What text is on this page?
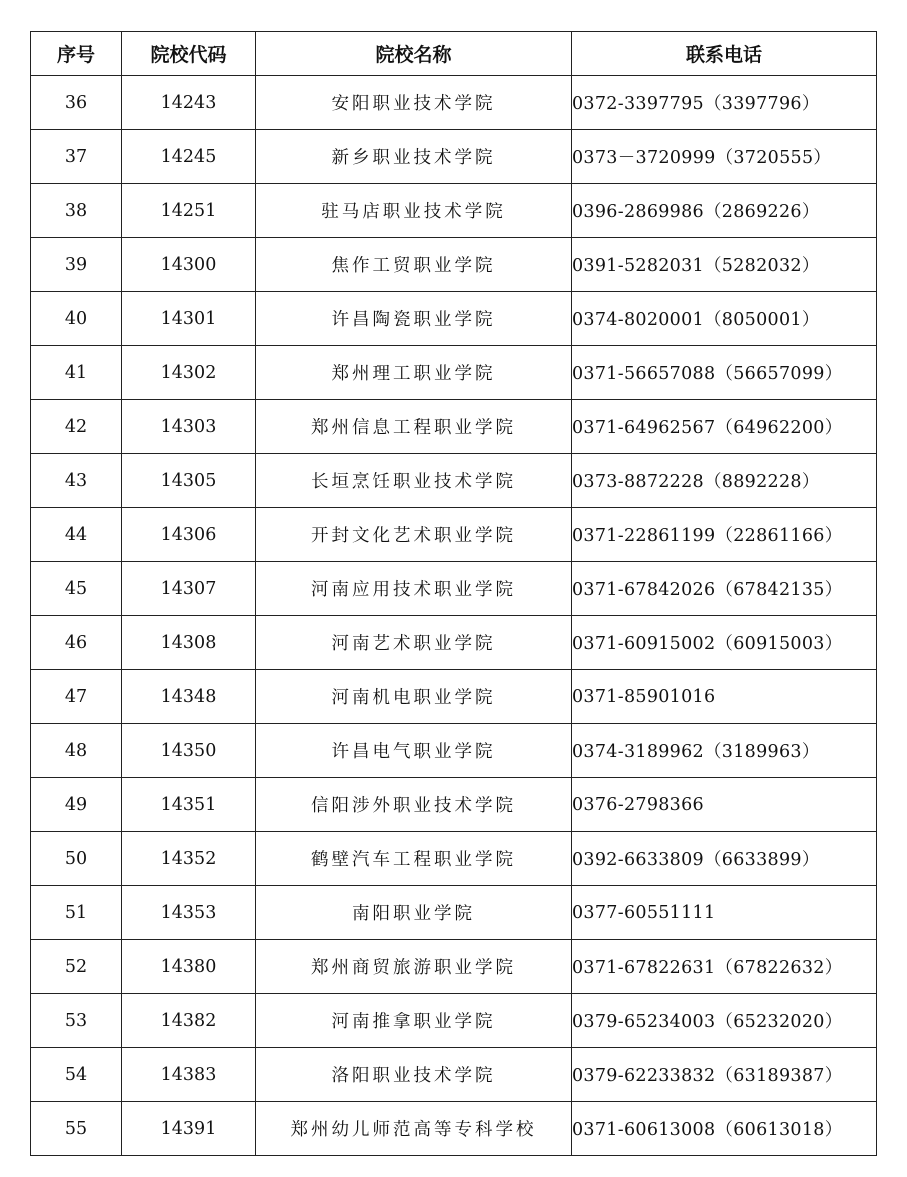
序号	院校代码	院校名称	联系电话
36	14243	安阳职业技术学院	0372-3397795（3397796）
37	14245	新乡职业技术学院	0373－3720999（3720555）
38	14251	驻马店职业技术学院	0396-2869986（2869226）
39	14300	焦作工贸职业学院	0391-5282031（5282032）
40	14301	许昌陶瓷职业学院	0374-8020001（8050001）
41	14302	郑州理工职业学院	0371-56657088（56657099）
42	14303	郑州信息工程职业学院	0371-64962567（64962200）
43	14305	长垣烹饪职业技术学院	0373-8872228（8892228）
44	14306	开封文化艺术职业学院	0371-22861199（22861166）
45	14307	河南应用技术职业学院	0371-67842026（67842135）
46	14308	河南艺术职业学院	0371-60915002（60915003）
47	14348	河南机电职业学院	0371-85901016
48	14350	许昌电气职业学院	0374-3189962（3189963）
49	14351	信阳涉外职业技术学院	0376-2798366
50	14352	鹤壁汽车工程职业学院	0392-6633809（6633899）
51	14353	南阳职业学院	0377-60551111
52	14380	郑州商贸旅游职业学院	0371-67822631（67822632）
53	14382	河南推拿职业学院	0379-65234003（65232020）
54	14383	洛阳职业技术学院	0379-62233832（63189387）
55	14391	郑州幼儿师范高等专科学校	0371-60613008（60613018）
